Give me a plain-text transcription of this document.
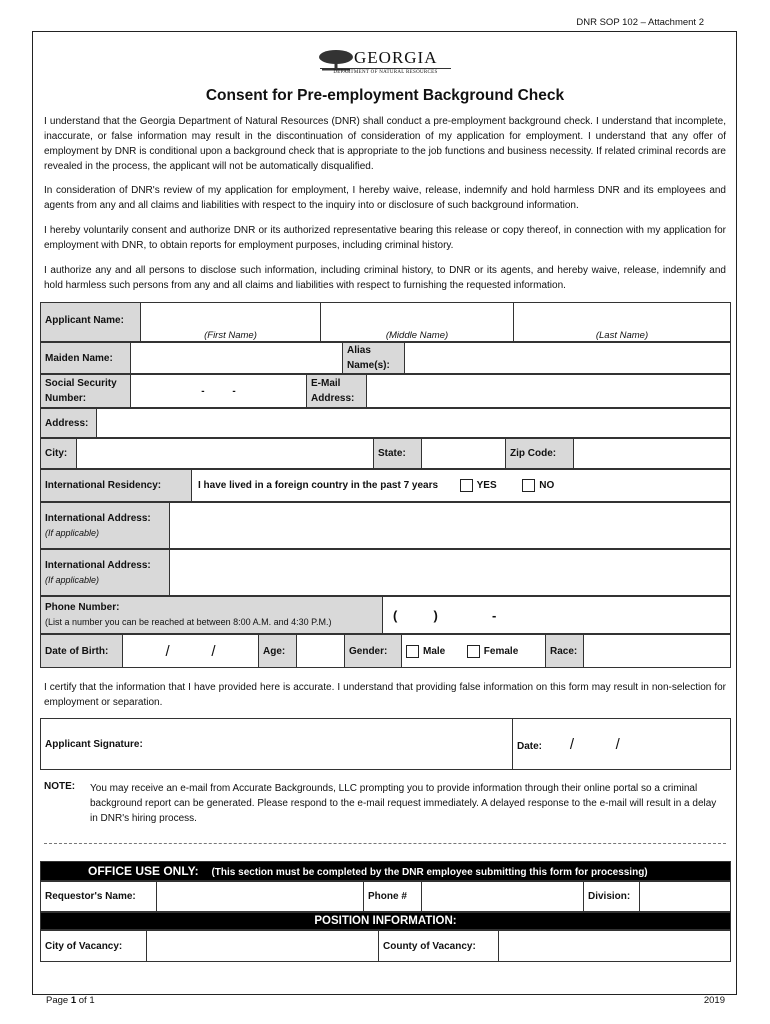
DNR SOP 102 – Attachment 2
GEORGIA
DEPARTMENT OF NATURAL RESOURCES
Consent for Pre-employment Background Check
I understand that the Georgia Department of Natural Resources (DNR) shall conduct a pre-employment background check. I understand that incomplete, inaccurate, or false information may result in the discontinuation of consideration of my application for employment. I understand that any offer of employment by DNR is conditional upon a background check that is appropriate to the job functions and business necessity. If related criminal records are revealed in the process, the applicant will not be automatically disqualified.
In consideration of DNR's review of my application for employment, I hereby waive, release, indemnify and hold harmless DNR and its employees and agents from any and all claims and liabilities with respect to the inquiry into or disclosure of such background information.
I hereby voluntarily consent and authorize DNR or its authorized representative bearing this release or copy thereof, in connection with my application for employment with DNR, to obtain reports for employment purposes, including criminal history.
I authorize any and all persons to disclose such information, including criminal history, to DNR or its agents, and hereby waive, release, indemnify and hold harmless such persons from any and all claims and liabilities with respect to furnishing the requested information.
Applicant Name:	(First Name)	(Middle Name)	(Last Name)
Maiden Name:		Alias Name(s):	
Social Security Number:	-          -	E-Mail Address:	
Address:	
City:		State:		Zip Code:	
International Residency:	I have lived in a foreign country in the past 7 years	YES	NO
International Address:
(If applicable)

International Address:
(If applicable)

Phone Number:
(List a number you can be reached at between 8:00 A.M. and 4:30 P.M.)	(          )               -
Date of Birth:	/          /	Age:		Gender:	Male	Female	Race:	
I certify that the information that I have provided here is accurate. I understand that providing false information on this form may result in non-selection for employment or separation.
Applicant Signature:	Date: /          /
NOTE: You may receive an e-mail from Accurate Backgrounds, LLC prompting you to provide information through their online portal so a criminal background report can be generated. Please respond to the e-mail request immediately. A delayed response to the e-mail will result in a delay in DNR's hiring process.
OFFICE USE ONLY: (This section must be completed by the DNR employee submitting this form for processing)
Requestor's Name:		Phone #		Division:	
POSITION INFORMATION:
City of Vacancy:		County of Vacancy:	
Page 1 of 1	2019
